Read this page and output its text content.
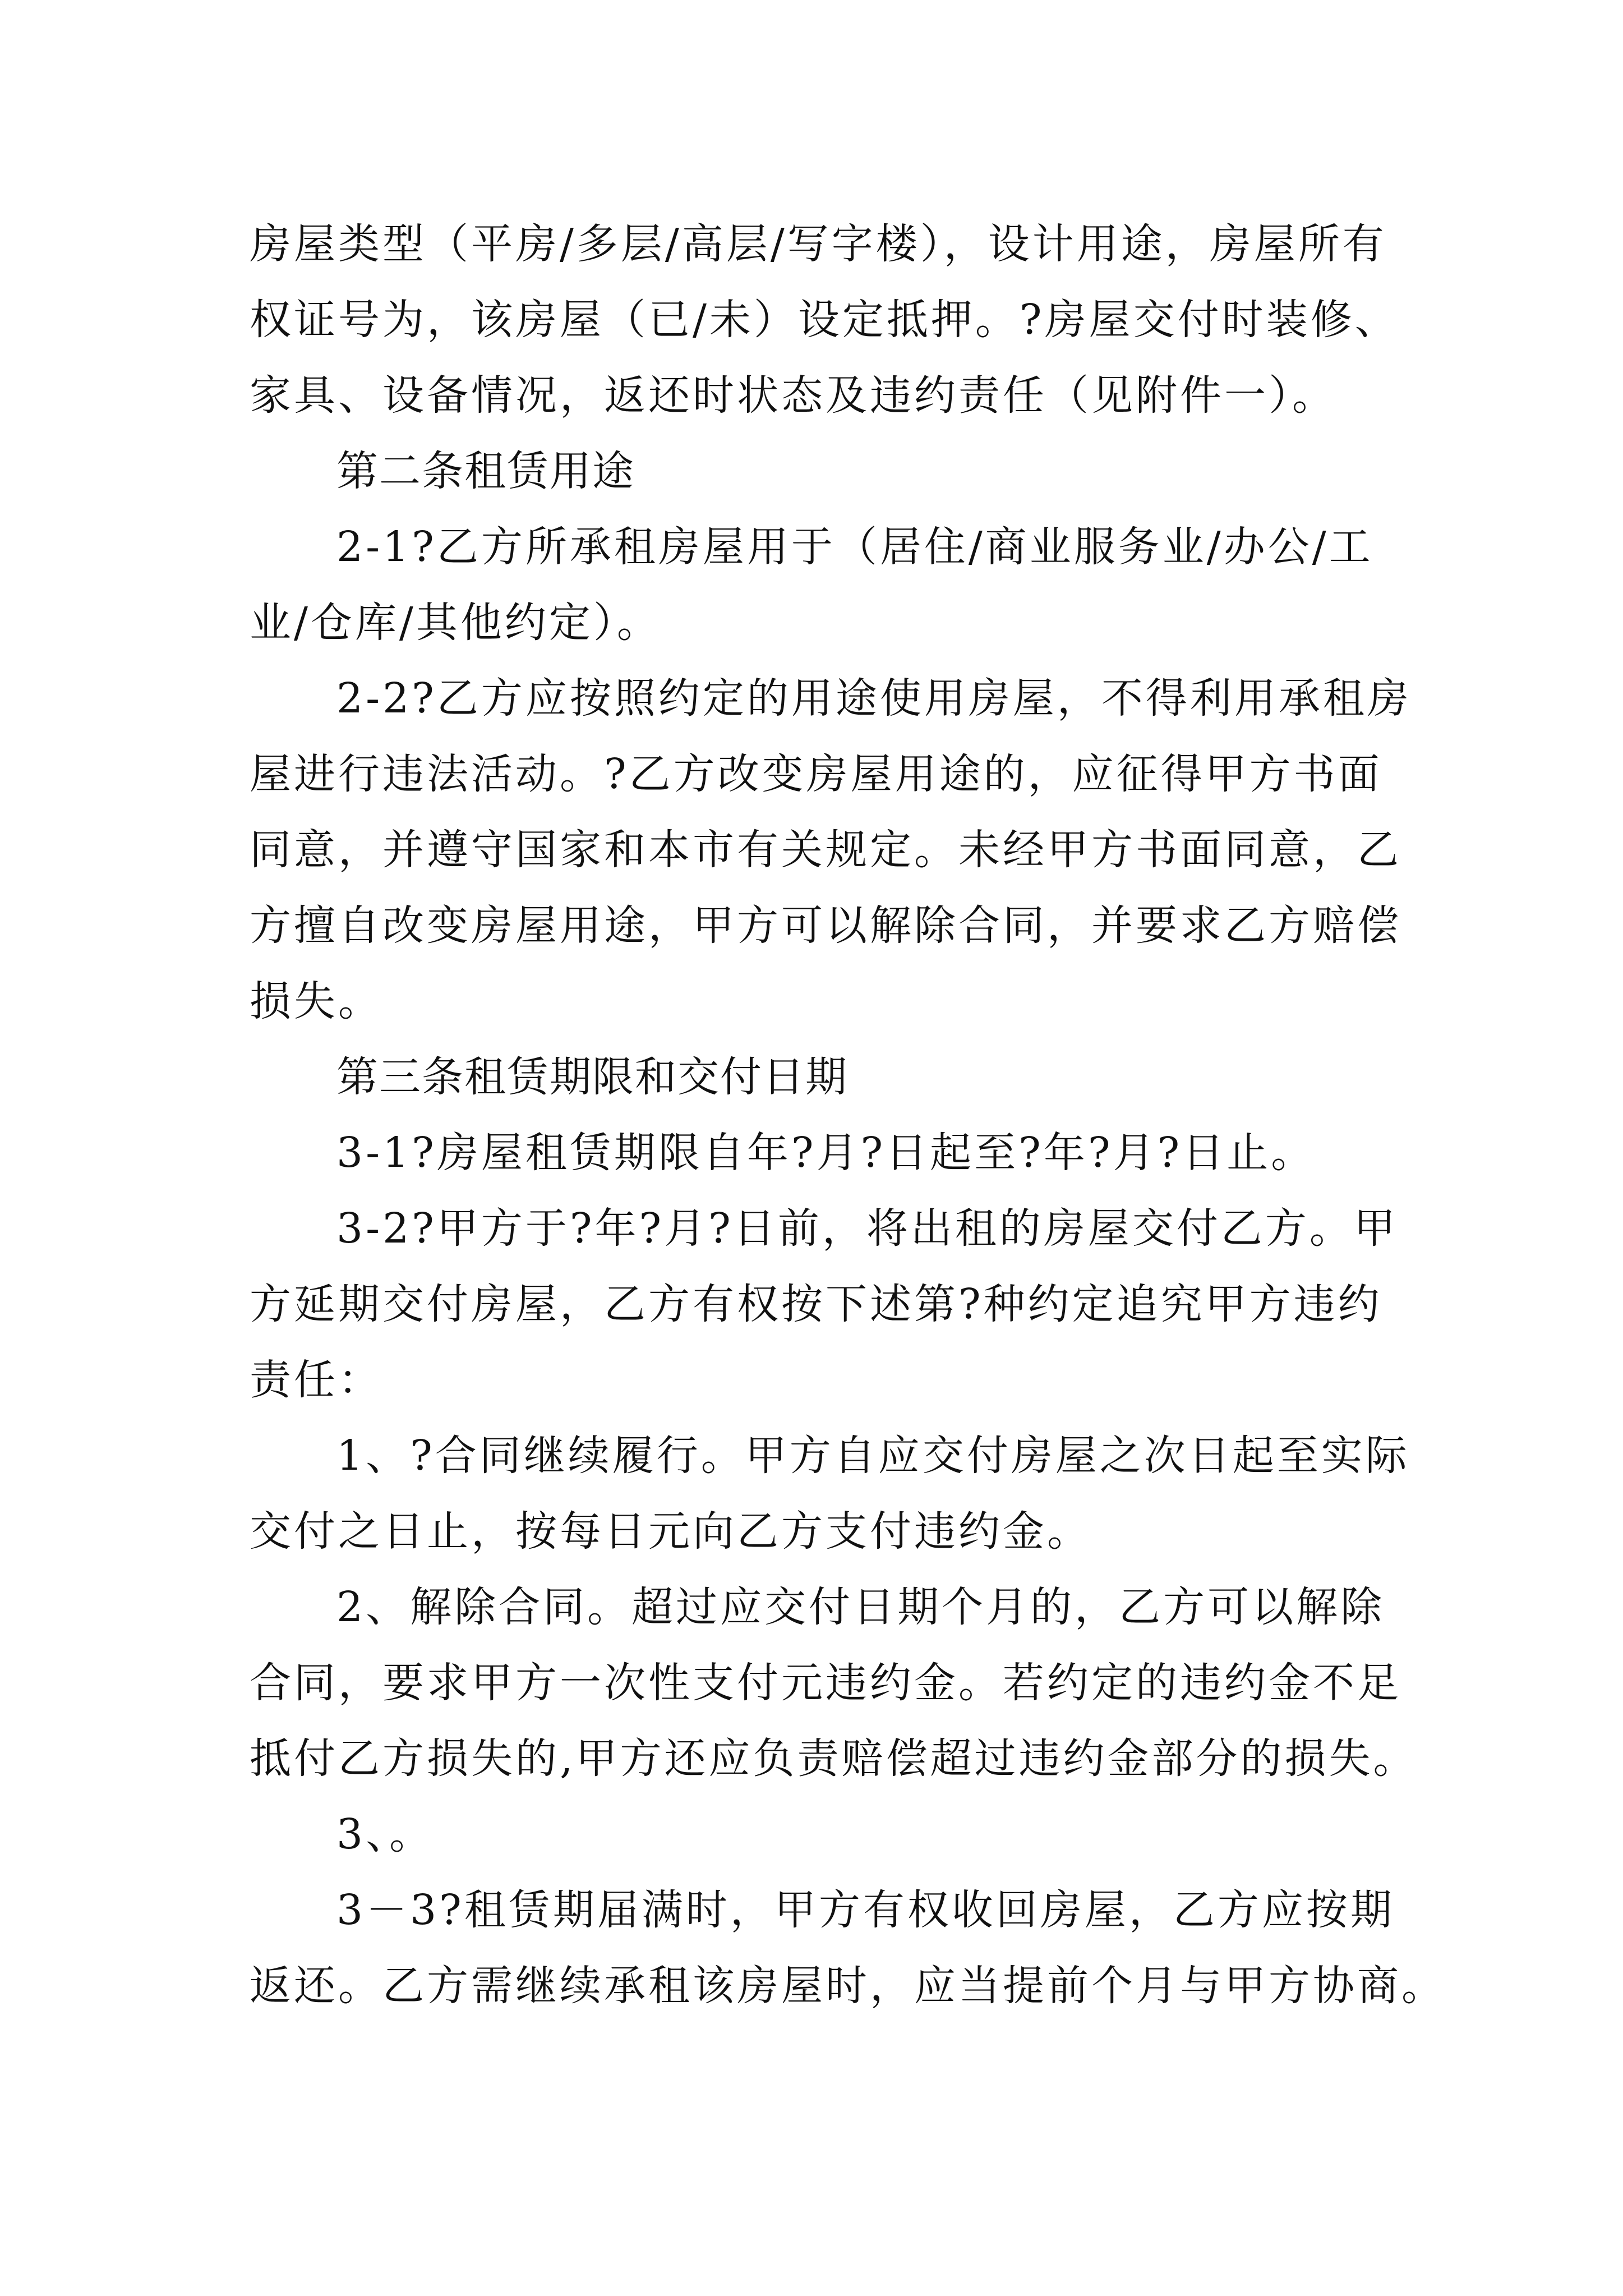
房屋类型（平房/多层/高层/写字楼），设计用途，房屋所有
权证号为，该房屋（已/未）设定抵押。?房屋交付时装修、
家具、设备情况，返还时状态及违约责任（见附件一）。
第二条租赁用途
2-1?乙方所承租房屋用于（居住/商业服务业/办公/工
业/仓库/其他约定）。
2-2?乙方应按照约定的用途使用房屋，不得利用承租房
屋进行违法活动。?乙方改变房屋用途的，应征得甲方书面
同意，并遵守国家和本市有关规定。未经甲方书面同意，乙
方擅自改变房屋用途，甲方可以解除合同，并要求乙方赔偿
损失。
第三条租赁期限和交付日期
3-1?房屋租赁期限自年?月?日起至?年?月?日止。
3-2?甲方于?年?月?日前，将出租的房屋交付乙方。甲
方延期交付房屋，乙方有权按下述第?种约定追究甲方违约
责任：
1、?合同继续履行。甲方自应交付房屋之次日起至实际
交付之日止，按每日元向乙方支付违约金。
2、解除合同。超过应交付日期个月的，乙方可以解除
合同，要求甲方一次性支付元违约金。若约定的违约金不足
抵付乙方损失的,甲方还应负责赔偿超过违约金部分的损失。
3、。
3－3?租赁期届满时，甲方有权收回房屋，乙方应按期
返还。乙方需继续承租该房屋时，应当提前个月与甲方协商。
